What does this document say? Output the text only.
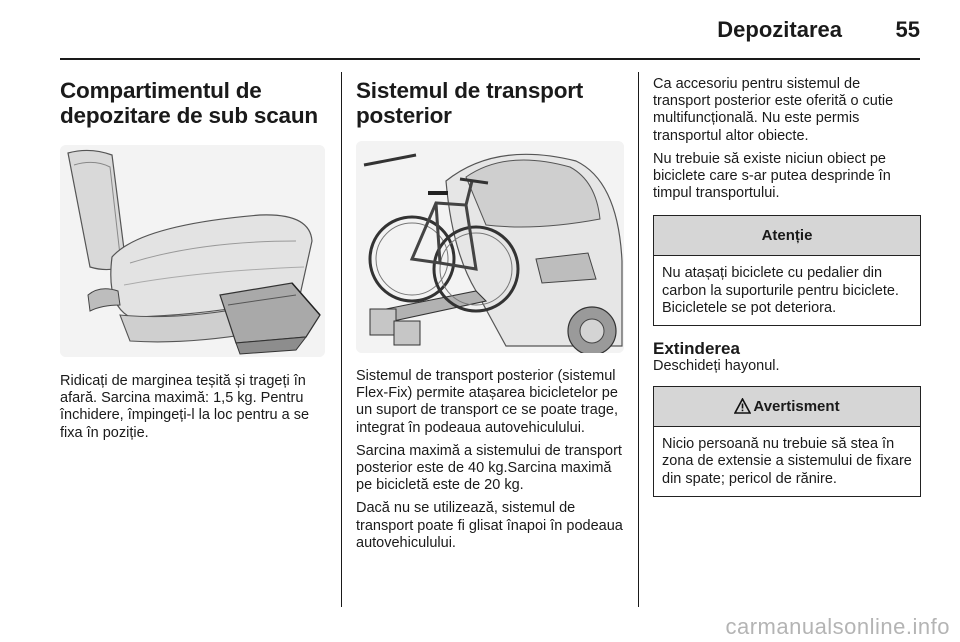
Depozitarea 55
Compartimentul de
depozitare de sub scaun

Ridicați de marginea teșită și trageți în afară. Sarcina maximă: 1,5 kg. Pentru închidere, împingeți-l la loc pentru a se fixa în poziție.

Sistemul de transport
posterior

Sistemul de transport posterior (sistemul Flex-Fix) permite atașarea bicicletelor pe un suport de transport ce se poate trage, integrat în podeaua autovehiculului.

Sarcina maximă a sistemului de transport posterior este de 40 kg.Sarcina maximă pe bicicletă este de 20 kg.

Dacă nu se utilizează, sistemul de transport poate fi glisat înapoi în podeaua autovehiculului.

Ca accesoriu pentru sistemul de transport posterior este oferită o cutie multifuncțională. Nu este permis transportul altor obiecte.

Nu trebuie să existe niciun obiect pe biciclete care s-ar putea desprinde în timpul transportului.

Atenție

Nu atașați biciclete cu pedalier din carbon la suporturile pentru biciclete. Bicicletele se pot deteriora.

Extinderea

Deschideți hayonul.

Avertisment

Nicio persoană nu trebuie să stea în zona de extensie a sistemului de fixare din spate; pericol de rănire.

carmanualsonline.info
